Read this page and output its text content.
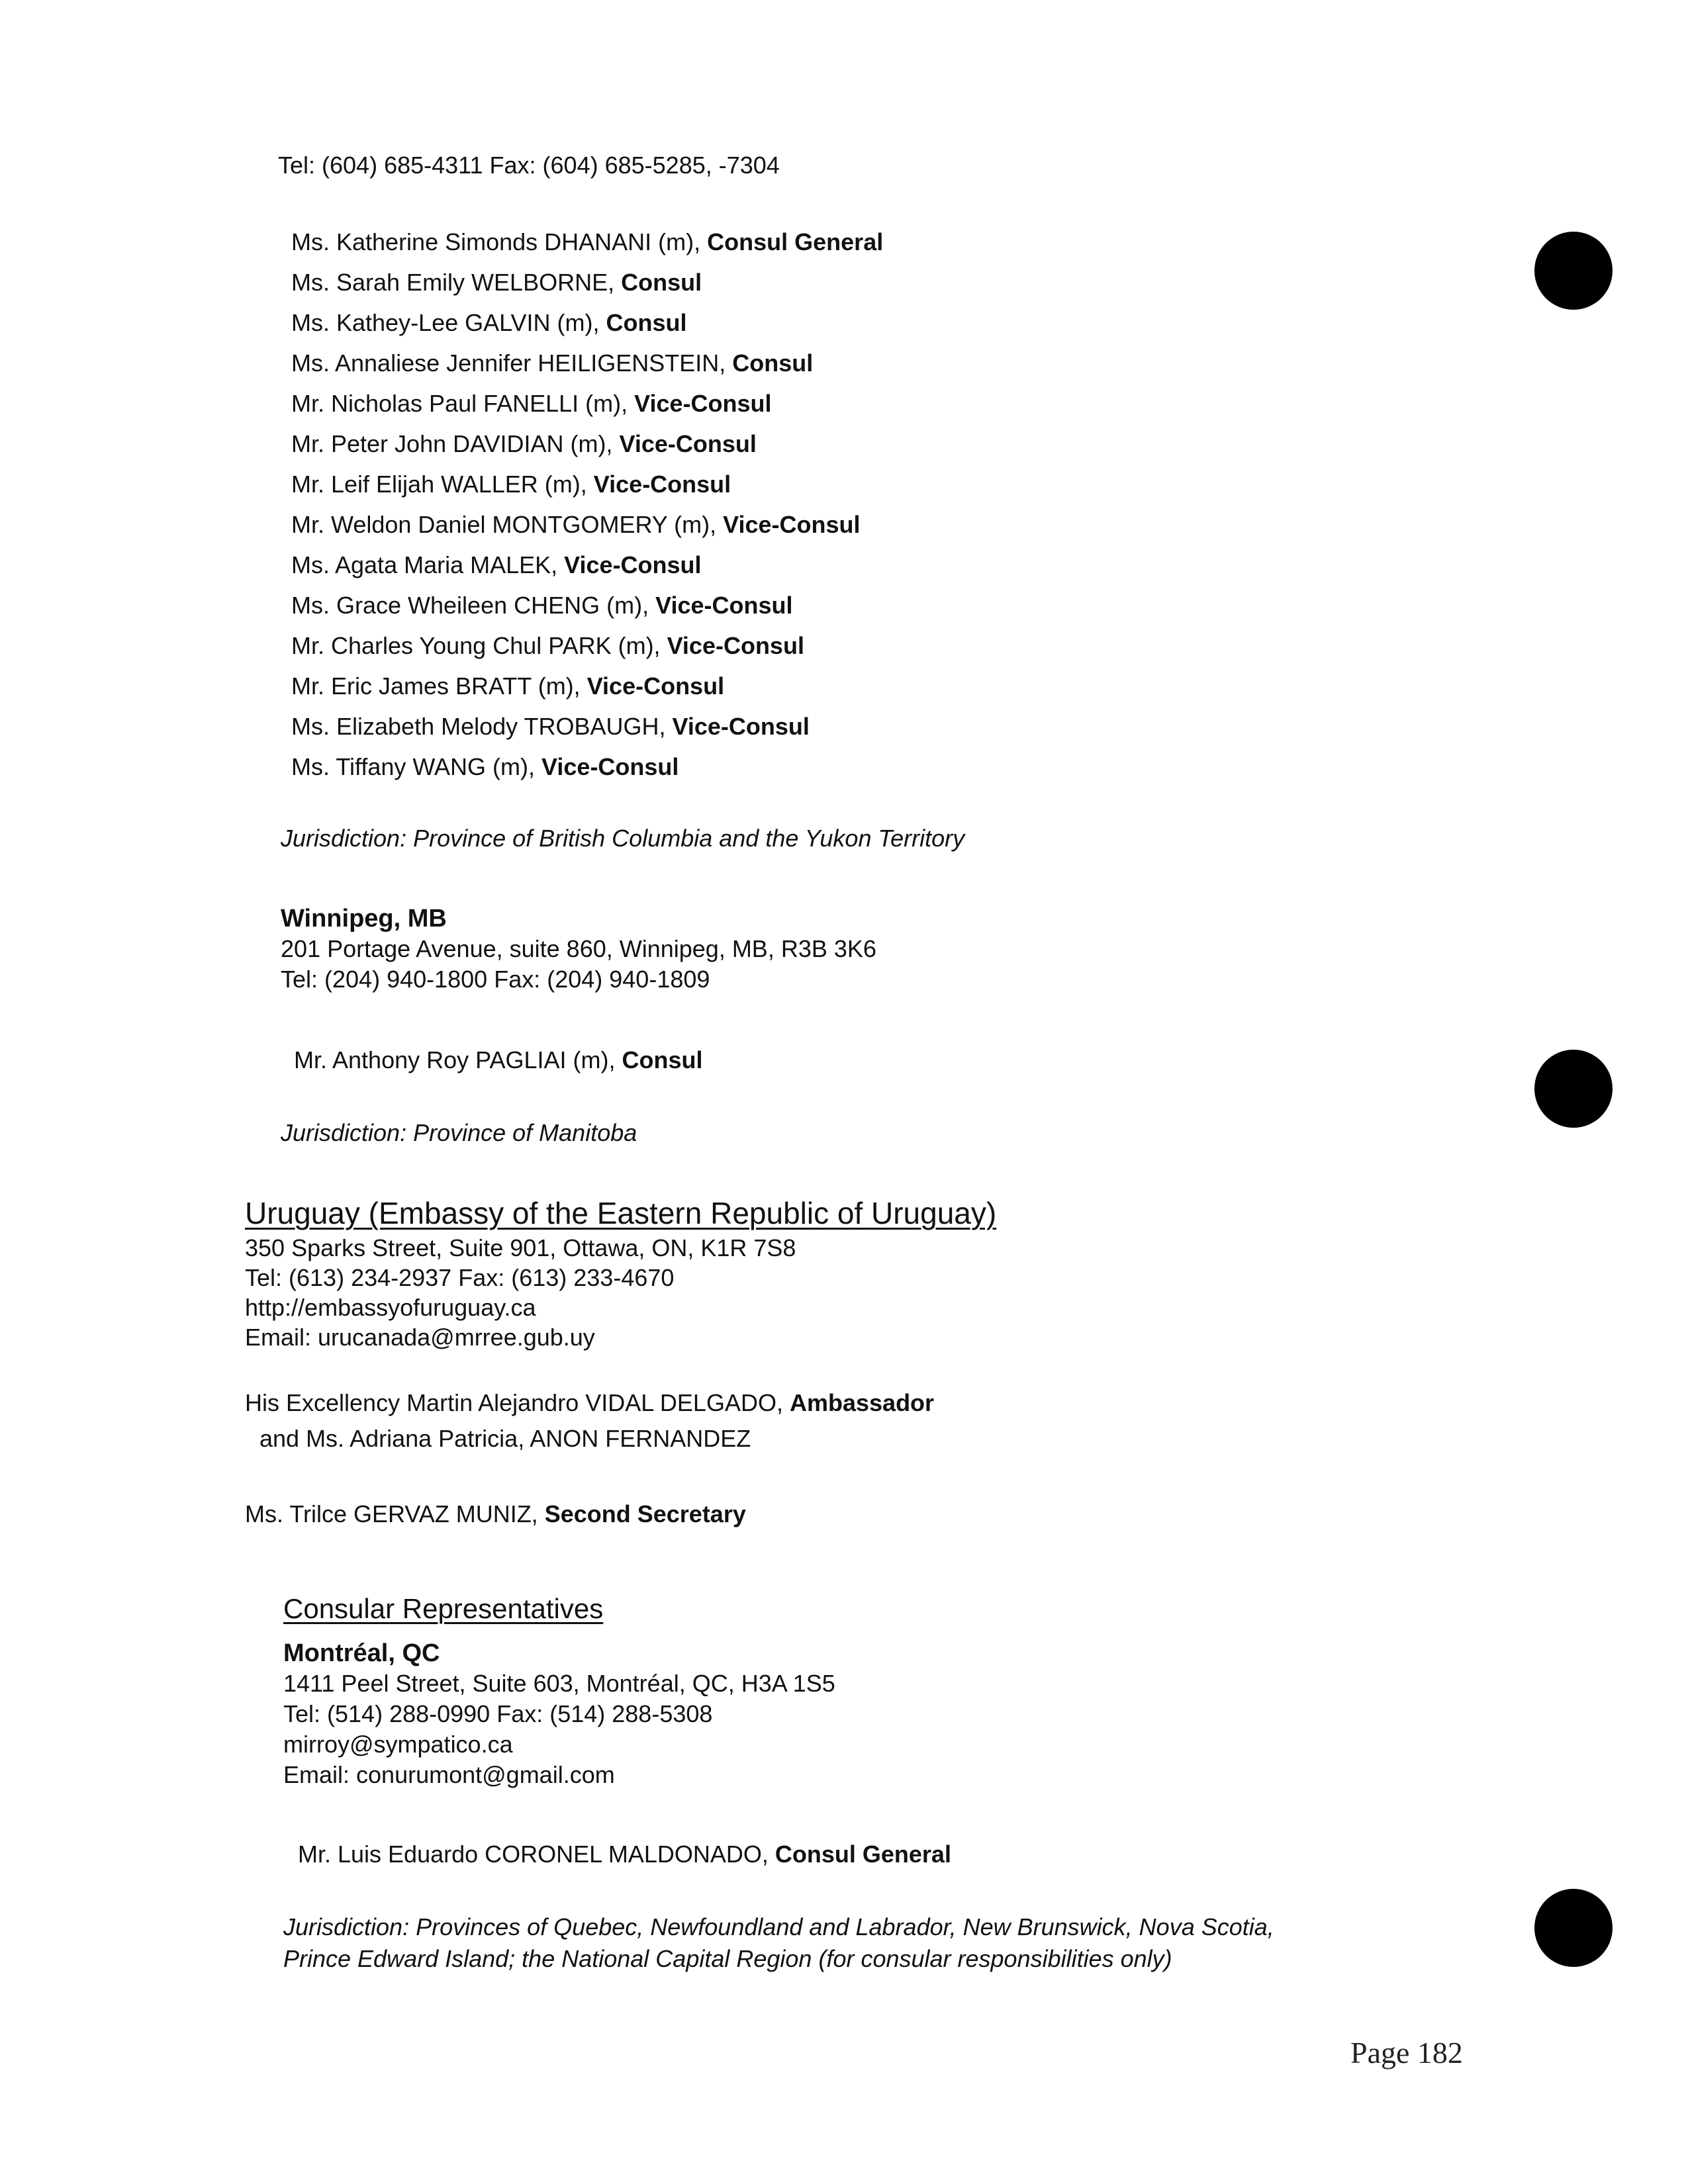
Tel: (604) 685-4311 Fax: (604) 685-5285, -7304
Ms. Katherine Simonds DHANANI (m), Consul General
Ms. Sarah Emily WELBORNE, Consul
Ms. Kathey-Lee GALVIN (m), Consul
Ms. Annaliese Jennifer HEILIGENSTEIN, Consul
Mr. Nicholas Paul FANELLI (m), Vice-Consul
Mr. Peter John DAVIDIAN (m), Vice-Consul
Mr. Leif Elijah WALLER (m), Vice-Consul
Mr. Weldon Daniel MONTGOMERY (m), Vice-Consul
Ms. Agata Maria MALEK, Vice-Consul
Ms. Grace Wheileen CHENG (m), Vice-Consul
Mr. Charles Young Chul PARK (m), Vice-Consul
Mr. Eric James BRATT (m), Vice-Consul
Ms. Elizabeth Melody TROBAUGH, Vice-Consul
Ms. Tiffany WANG (m), Vice-Consul
Jurisdiction: Province of British Columbia and the Yukon Territory
Winnipeg, MB
201 Portage Avenue, suite 860, Winnipeg, MB, R3B 3K6
Tel: (204) 940-1800 Fax: (204) 940-1809
Mr. Anthony Roy PAGLIAI (m), Consul
Jurisdiction: Province of Manitoba
Uruguay (Embassy of the Eastern Republic of Uruguay)
350 Sparks Street, Suite 901, Ottawa, ON, K1R 7S8
Tel: (613) 234-2937 Fax: (613) 233-4670
http://embassyofuruguay.ca
Email: urucanada@mrree.gub.uy
His Excellency Martin Alejandro VIDAL DELGADO, Ambassador
and Ms. Adriana Patricia, ANON FERNANDEZ
Ms. Trilce GERVAZ MUNIZ, Second Secretary
Consular Representatives
Montréal, QC
1411 Peel Street, Suite 603, Montréal, QC, H3A 1S5
Tel: (514) 288-0990 Fax: (514) 288-5308
mirroy@sympatico.ca
Email: conurumont@gmail.com
Mr. Luis Eduardo CORONEL MALDONADO, Consul General
Jurisdiction: Provinces of Quebec, Newfoundland and Labrador, New Brunswick, Nova Scotia,
Prince Edward Island; the National Capital Region (for consular responsibilities only)
Page 182
